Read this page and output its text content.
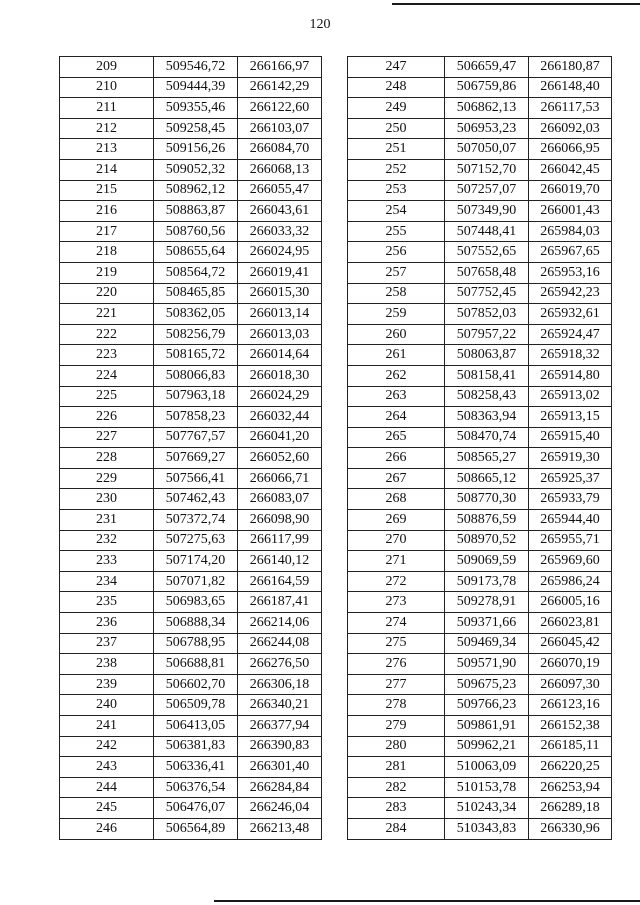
120
209	509546,72	266166,97
210	509444,39	266142,29
211	509355,46	266122,60
212	509258,45	266103,07
213	509156,26	266084,70
214	509052,32	266068,13
215	508962,12	266055,47
216	508863,87	266043,61
217	508760,56	266033,32
218	508655,64	266024,95
219	508564,72	266019,41
220	508465,85	266015,30
221	508362,05	266013,14
222	508256,79	266013,03
223	508165,72	266014,64
224	508066,83	266018,30
225	507963,18	266024,29
226	507858,23	266032,44
227	507767,57	266041,20
228	507669,27	266052,60
229	507566,41	266066,71
230	507462,43	266083,07
231	507372,74	266098,90
232	507275,63	266117,99
233	507174,20	266140,12
234	507071,82	266164,59
235	506983,65	266187,41
236	506888,34	266214,06
237	506788,95	266244,08
238	506688,81	266276,50
239	506602,70	266306,18
240	506509,78	266340,21
241	506413,05	266377,94
242	506381,83	266390,83
243	506336,41	266301,40
244	506376,54	266284,84
245	506476,07	266246,04
246	506564,89	266213,48
247	506659,47	266180,87
248	506759,86	266148,40
249	506862,13	266117,53
250	506953,23	266092,03
251	507050,07	266066,95
252	507152,70	266042,45
253	507257,07	266019,70
254	507349,90	266001,43
255	507448,41	265984,03
256	507552,65	265967,65
257	507658,48	265953,16
258	507752,45	265942,23
259	507852,03	265932,61
260	507957,22	265924,47
261	508063,87	265918,32
262	508158,41	265914,80
263	508258,43	265913,02
264	508363,94	265913,15
265	508470,74	265915,40
266	508565,27	265919,30
267	508665,12	265925,37
268	508770,30	265933,79
269	508876,59	265944,40
270	508970,52	265955,71
271	509069,59	265969,60
272	509173,78	265986,24
273	509278,91	266005,16
274	509371,66	266023,81
275	509469,34	266045,42
276	509571,90	266070,19
277	509675,23	266097,30
278	509766,23	266123,16
279	509861,91	266152,38
280	509962,21	266185,11
281	510063,09	266220,25
282	510153,78	266253,94
283	510243,34	266289,18
284	510343,83	266330,96
